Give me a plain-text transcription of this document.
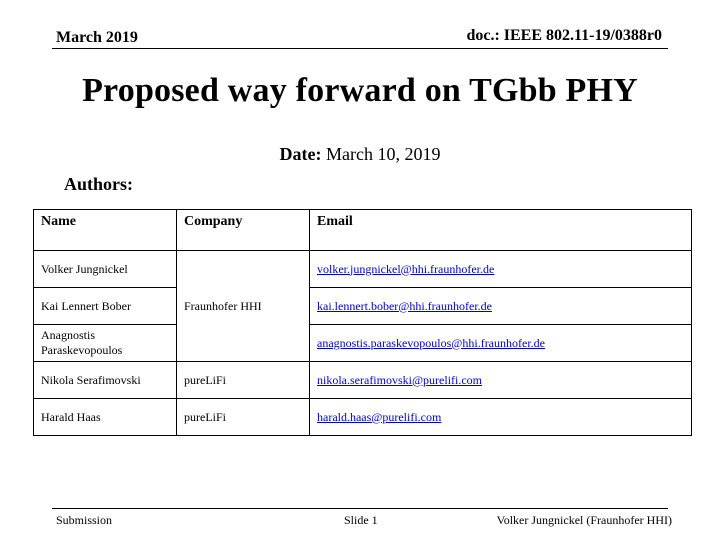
March 2019	doc.: IEEE 802.11-19/0388r0
Proposed way forward on TGbb PHY
Date: March 10, 2019
Authors:
Name	Company	Email
Volker Jungnickel	Fraunhofer HHI	volker.jungnickel@hhi.fraunhofer.de
Kai Lennert Bober		kai.lennert.bober@hhi.fraunhofer.de
Anagnostis Paraskevopoulos		anagnostis.paraskevopoulos@hhi.fraunhofer.de
Nikola Serafimovski	pureLiFi	nikola.serafimovski@purelifi.com
Harald Haas	pureLiFi	harald.haas@purelifi.com
Submission	Slide 1	Volker Jungnickel (Fraunhofer HHI)
